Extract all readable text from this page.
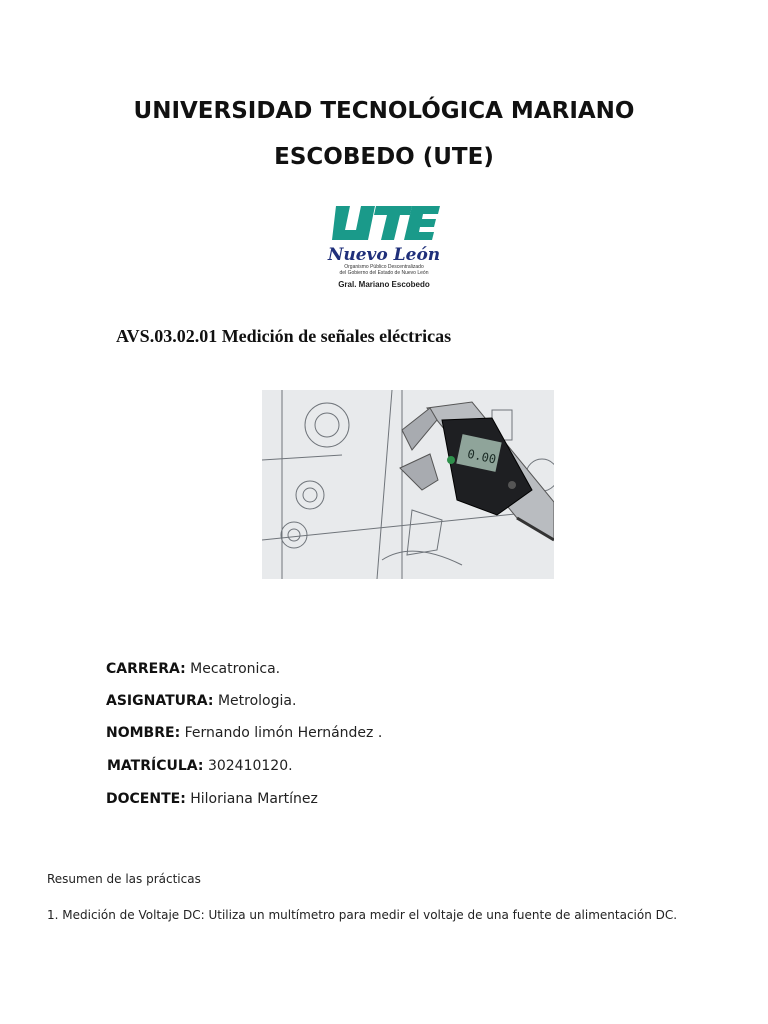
UNIVERSIDAD TECNOLÓGICA MARIANO
ESCOBEDO (UTE)
Nuevo León
Organismo Público Descentralizado
del Gobierno del Estado de Nuevo León
Gral. Mariano Escobedo
AVS.03.02.01 Medición de señales eléctricas
0.00
CARRERA: Mecatronica.
ASIGNATURA: Metrologia.
NOMBRE: Fernando limón Hernández .
MATRÍCULA: 302410120.
DOCENTE: Hiloriana Martínez
Resumen de las prácticas
1. Medición de Voltaje DC: Utiliza un multímetro para medir el voltaje de una fuente de alimentación DC.
